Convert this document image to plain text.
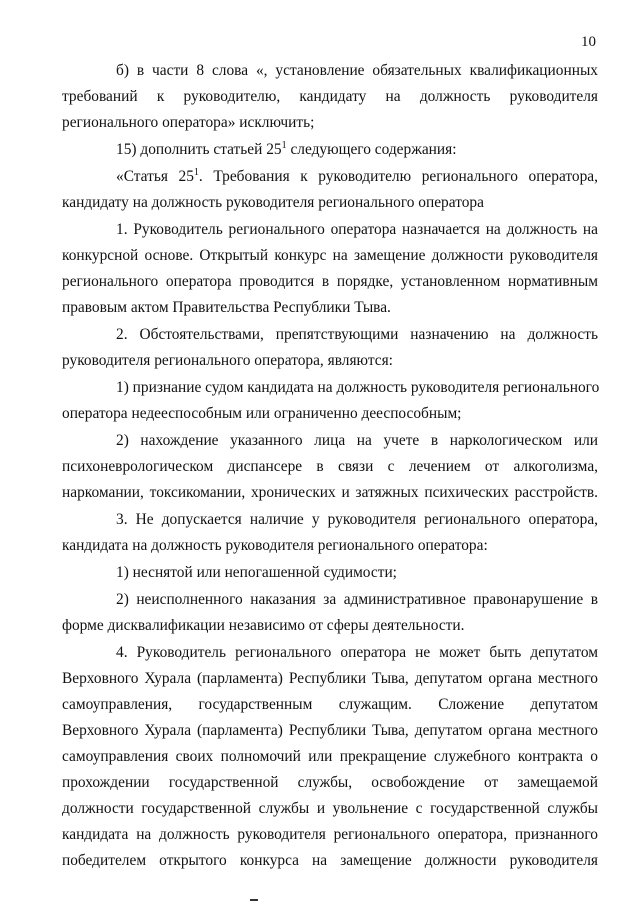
10
б) в части 8 слова «, установление обязательных квалификационных
требований к руководителю, кандидату на должность руководителя
регионального оператора» исключить;
15) дополнить статьей $25^1$ следующего содержания:
«Статья $25^1$. Требования к руководителю регионального оператора,
кандидату на должность руководителя регионального оператора
1. Руководитель регионального оператора назначается на должность на
конкурсной основе. Открытый конкурс на замещение должности руководителя
регионального оператора проводится в порядке, установленном нормативным
правовым актом Правительства Республики Тыва.
2. Обстоятельствами, препятствующими назначению на должность
руководителя регионального оператора, являются:
1) признание судом кандидата на должность руководителя регионального
оператора недееспособным или ограниченно дееспособным;
2) нахождение указанного лица на учете в наркологическом или
психоневрологическом диспансере в связи с лечением от алкоголизма,
наркомании, токсикомании, хронических и затяжных психических расстройств.
3. Не допускается наличие у руководителя регионального оператора,
кандидата на должность руководителя регионального оператора:
1) неснятой или непогашенной судимости;
2) неисполненного наказания за административное правонарушение в
форме дисквалификации независимо от сферы деятельности.
4. Руководитель регионального оператора не может быть депутатом
Верховного Хурала (парламента) Республики Тыва, депутатом органа местного
самоуправления, государственным служащим. Сложение депутатом
Верховного Хурала (парламента) Республики Тыва, депутатом органа местного
самоуправления своих полномочий или прекращение служебного контракта о
прохождении государственной службы, освобождение от замещаемой
должности государственной службы и увольнение с государственной службы
кандидата на должность руководителя регионального оператора, признанного
победителем открытого конкурса на замещение должности руководителя
